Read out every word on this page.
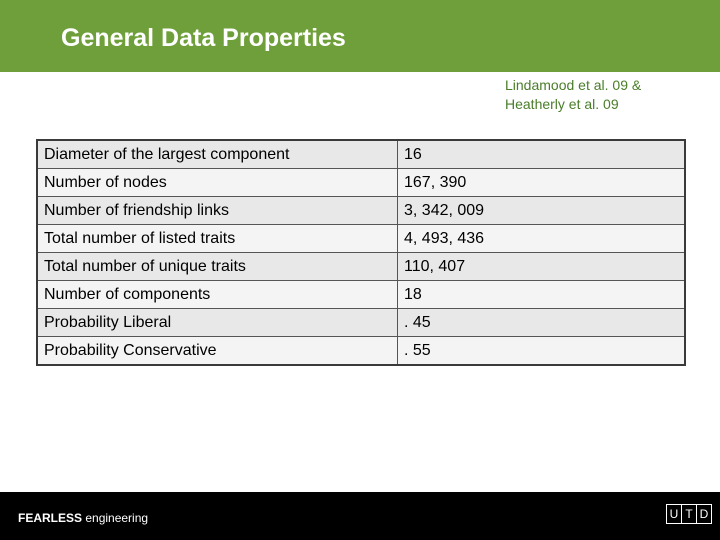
General Data Properties
Lindamood et al. 09 &
Heatherly et al. 09
Diameter of the largest component	16
Number of nodes	167, 390
Number of friendship links	3, 342, 009
Total number of listed traits	4, 493, 436
Total number of unique traits	110, 407
Number of components	18
Probability Liberal	. 45
Probability Conservative	. 55
FEARLESS engineering	U T D
